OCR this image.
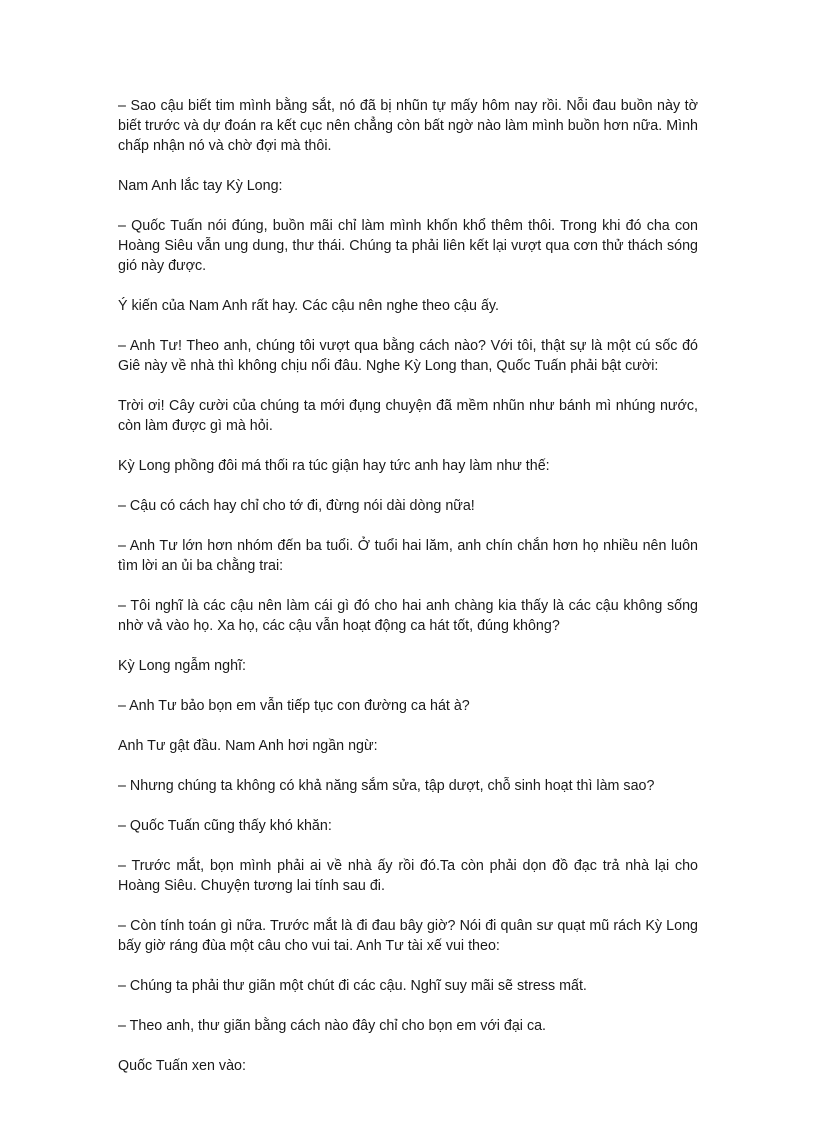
– Sao cậu biết tim mình bằng sắt, nó đã bị nhũn tự mấy hôm nay rồi. Nỗi đau buồn này tờ biết trước và dự đoán ra kết cục nên chẳng còn bất ngờ nào làm mình buồn hơn nữa. Mình chấp nhận nó và chờ đợi mà thôi.

Nam Anh lắc tay Kỳ Long:

– Quốc Tuấn nói đúng, buồn mãi chỉ làm mình khốn khổ thêm thôi. Trong khi đó cha con Hoàng Siêu vẫn ung dung, thư thái. Chúng ta phải liên kết lại vượt qua cơn thử thách sóng gió này được.

Ý kiến của Nam Anh rất hay. Các cậu nên nghe theo cậu ấy.

– Anh Tư! Theo anh, chúng tôi vượt qua bằng cách nào? Với tôi, thật sự là một cú sốc đó Giê này về nhà thì không chịu nổi đâu. Nghe Kỳ Long than, Quốc Tuấn phải bật cười:

Trời ơi! Cây cười của chúng ta mới đụng chuyện đã mềm nhũn như bánh mì nhúng nước, còn làm được gì mà hỏi.

Kỳ Long phồng đôi má thối ra túc giận hay tức anh hay làm như thế:

– Cậu có cách hay chỉ cho tớ đi, đừng nói dài dòng nữa!

– Anh Tư lớn hơn nhóm đến ba tuổi. Ở tuổi hai lăm, anh chín chắn hơn họ nhiều nên luôn tìm lời an ủi ba chằng trai:

– Tôi nghĩ là các cậu nên làm cái gì đó cho hai anh chàng kia thấy là các cậu không sống nhờ vả vào họ. Xa họ, các cậu vẫn hoạt động ca hát tốt, đúng không?

Kỳ Long ngẫm nghĩ:

– Anh Tư bảo bọn em vẫn tiếp tục con đường ca hát à?

Anh Tư gật đầu. Nam Anh hơi ngần ngừ:

– Nhưng chúng ta không có khả năng sắm sửa, tập dượt, chỗ sinh hoạt thì làm sao?

– Quốc Tuấn cũng thấy khó khăn:

– Trước mắt, bọn mình phải ai về nhà ấy rồi đó.Ta còn phải dọn đồ đạc trả nhà lại cho Hoàng Siêu. Chuyện tương lai tính sau đi.

– Còn tính toán gì nữa. Trước mắt là đi đau bây giờ? Nói đi quân sư quạt mũ rách Kỳ Long bấy giờ ráng đùa một câu cho vui tai. Anh Tư tài xế vui theo:

– Chúng ta phải thư giãn một chút đi các cậu. Nghĩ suy mãi sẽ stress mất.

– Theo anh, thư giãn bằng cách nào đây chỉ cho bọn em với đại ca.

Quốc Tuấn xen vào:
